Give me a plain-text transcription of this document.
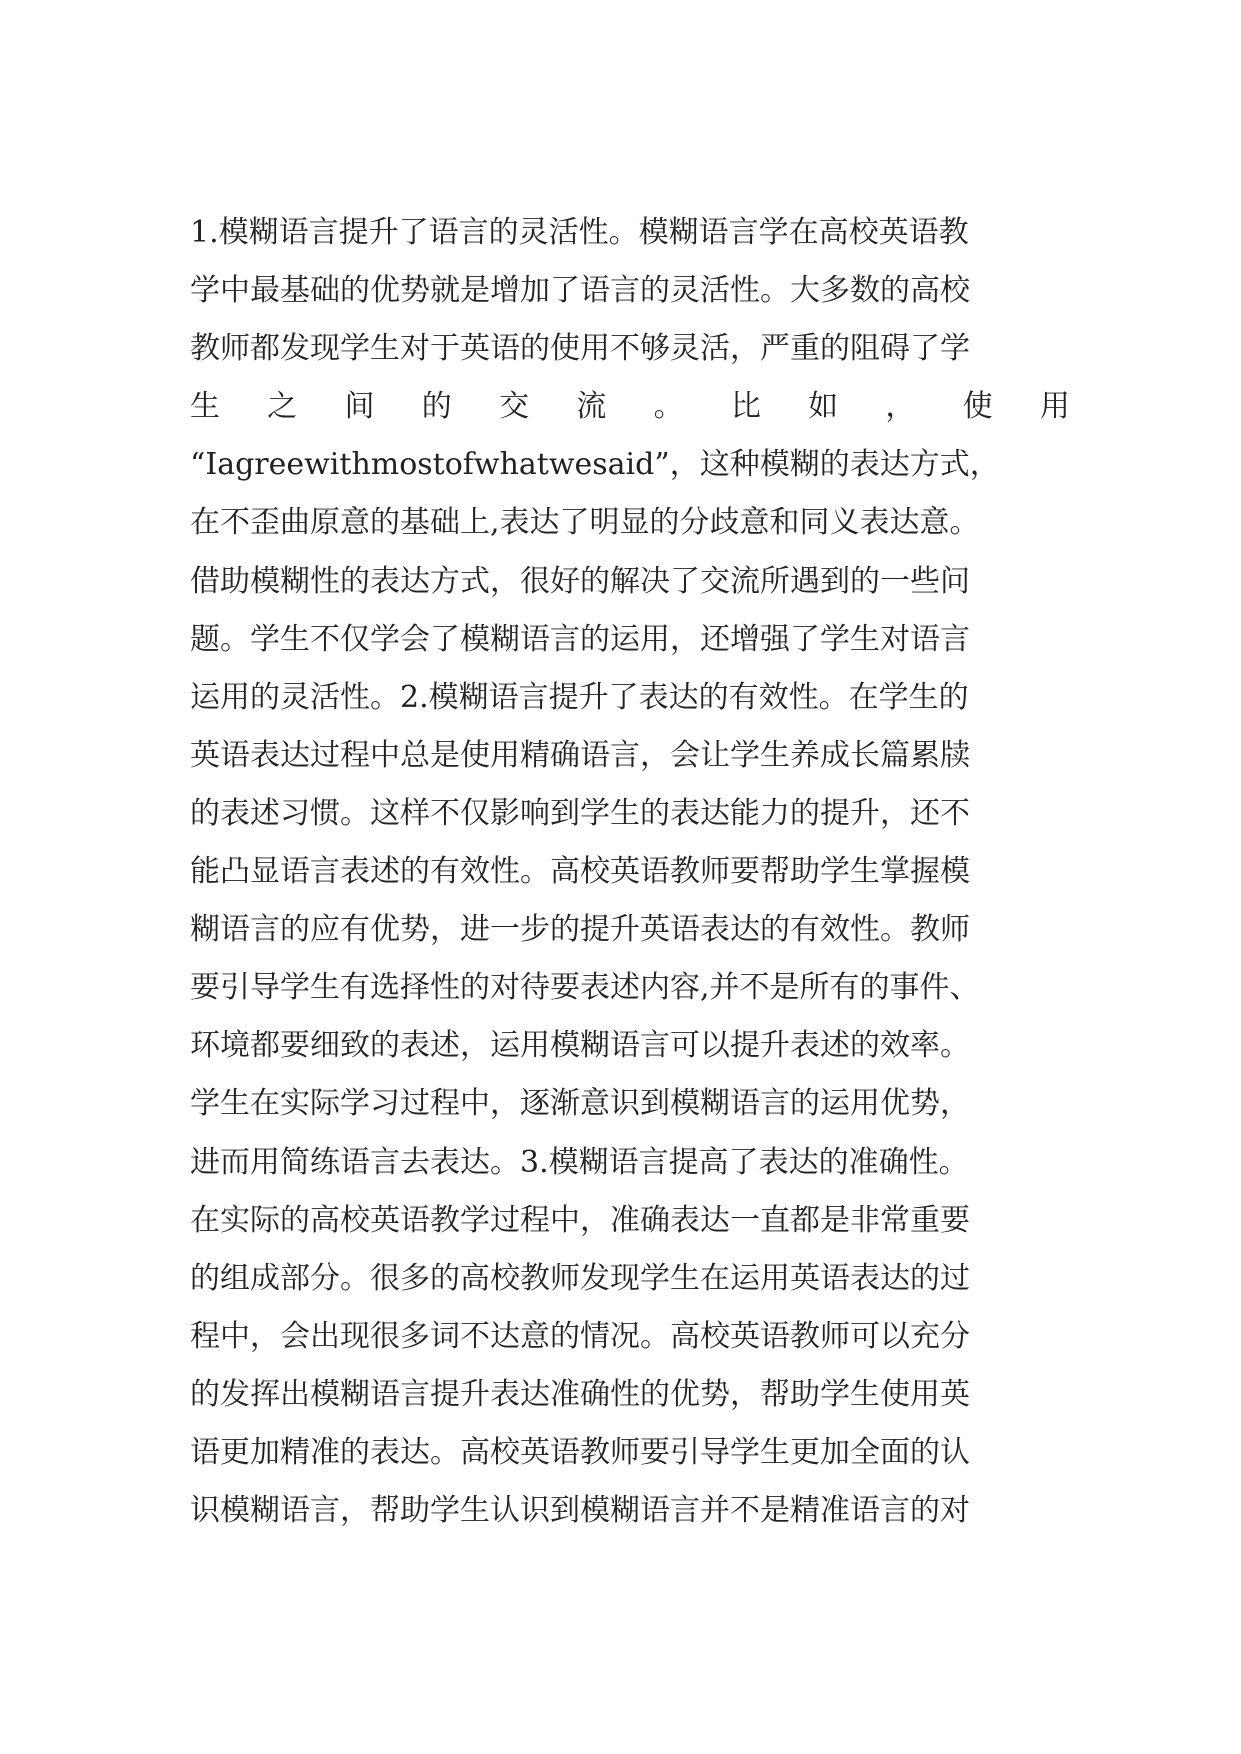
1.模糊语言提升了语言的灵活性。模糊语言学在高校英语教
学中最基础的优势就是增加了语言的灵活性。大多数的高校
教师都发现学生对于英语的使用不够灵活，严重的阻碍了学
生 之 间 的 交 流 。 比 如 ， 使 用
“Iagreewithmostofwhatwesaid”，这种模糊的表达方式，
在不歪曲原意的基础上,表达了明显的分歧意和同义表达意。
借助模糊性的表达方式，很好的解决了交流所遇到的一些问
题。学生不仅学会了模糊语言的运用，还增强了学生对语言
运用的灵活性。2.模糊语言提升了表达的有效性。在学生的
英语表达过程中总是使用精确语言，会让学生养成长篇累牍
的表述习惯。这样不仅影响到学生的表达能力的提升，还不
能凸显语言表述的有效性。高校英语教师要帮助学生掌握模
糊语言的应有优势，进一步的提升英语表达的有效性。教师
要引导学生有选择性的对待要表述内容,并不是所有的事件、
环境都要细致的表述，运用模糊语言可以提升表述的效率。
学生在实际学习过程中，逐渐意识到模糊语言的运用优势，
进而用简练语言去表达。3.模糊语言提高了表达的准确性。
在实际的高校英语教学过程中，准确表达一直都是非常重要
的组成部分。很多的高校教师发现学生在运用英语表达的过
程中，会出现很多词不达意的情况。高校英语教师可以充分
的发挥出模糊语言提升表达准确性的优势，帮助学生使用英
语更加精准的表达。高校英语教师要引导学生更加全面的认
识模糊语言，帮助学生认识到模糊语言并不是精准语言的对
